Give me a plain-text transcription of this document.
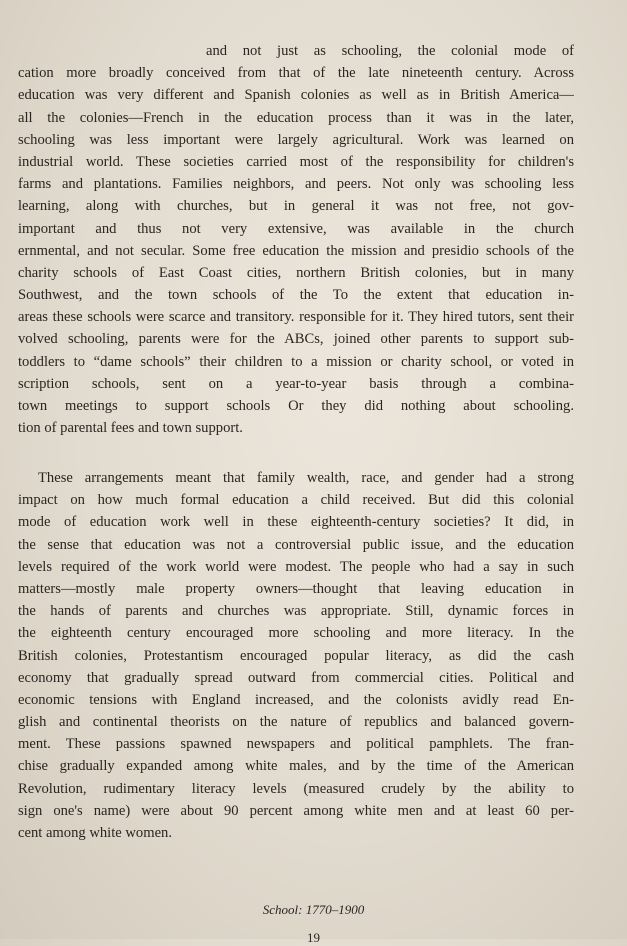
and not just as schooling, the colonial mode of
cation more broadly conceived from that of the late nineteenth century. Across
education was very different and Spanish colonies as well as in British America—
all the colonies—French in the education process than it was in the later,
schooling was less important were largely agricultural. Work was learned on
industrial world. These societies carried most of the responsibility for children's
farms and plantations. Families neighbors, and peers. Not only was schooling less
learning, along with churches, but in general it was not free, not gov-
important and thus not very extensive, was available in the church
ernmental, and not secular. Some free education the mission and presidio schools of the
charity schools of East Coast cities, northern British colonies, but in many
Southwest, and the town schools of the To the extent that education in-
areas these schools were scarce and transitory. responsible for it. They hired tutors, sent their
volved schooling, parents were for the ABCs, joined other parents to support sub-
toddlers to “dame schools” their children to a mission or charity school, or voted in
scription schools, sent on a year-to-year basis through a combina-
town meetings to support schools Or they did nothing about schooling.
tion of parental fees and town support.
These arrangements meant that family wealth, race, and gender had a strong
impact on how much formal education a child received. But did this colonial
mode of education work well in these eighteenth-century societies? It did, in
the sense that education was not a controversial public issue, and the education
levels required of the work world were modest. The people who had a say in such
matters—mostly male property owners—thought that leaving education in
the hands of parents and churches was appropriate. Still, dynamic forces in
the eighteenth century encouraged more schooling and more literacy. In the
British colonies, Protestantism encouraged popular literacy, as did the cash
economy that gradually spread outward from commercial cities. Political and
economic tensions with England increased, and the colonists avidly read En-
glish and continental theorists on the nature of republics and balanced govern-
ment. These passions spawned newspapers and political pamphlets. The fran-
chise gradually expanded among white males, and by the time of the American
Revolution, rudimentary literacy levels (measured crudely by the ability to
sign one's name) were about 90 percent among white men and at least 60 per-
cent among white women.
School: 1770–1900
19
